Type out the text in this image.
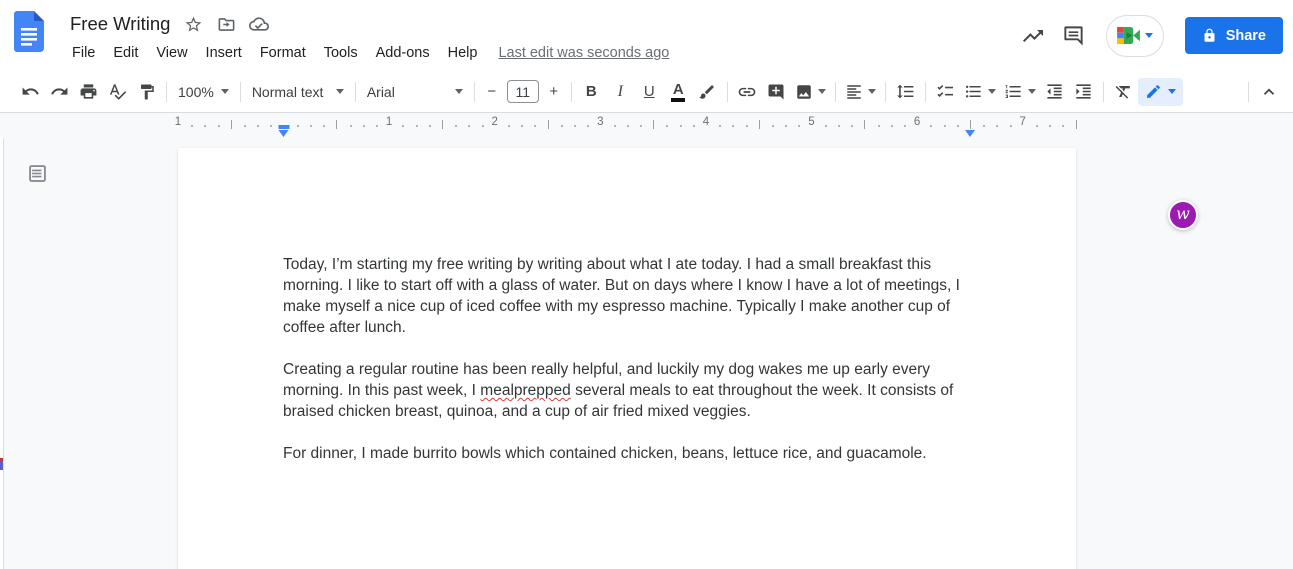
Free Writing
File	Edit	View	Insert	Format	Tools	Add-ons	Help	Last edit was seconds ago
Share
100%	Normal text	Arial	−	11	+ B I U A
1	1	2	3	4	5	6	7

Today, I’m starting my free writing by writing about what I ate today. I had a small breakfast this morning. I like to start off with a glass of water. But on days where I know I have a lot of meetings, I make myself a nice cup of iced coffee with my espresso machine. Typically I make another cup of coffee after lunch.

Creating a regular routine has been really helpful, and luckily my dog wakes me up early every morning. In this past week, I mealprepped several meals to eat throughout the week. It consists of braised chicken breast, quinoa, and a cup of air fried mixed veggies.

For dinner, I made burrito bowls which contained chicken, beans, lettuce rice, and guacamole.

w
